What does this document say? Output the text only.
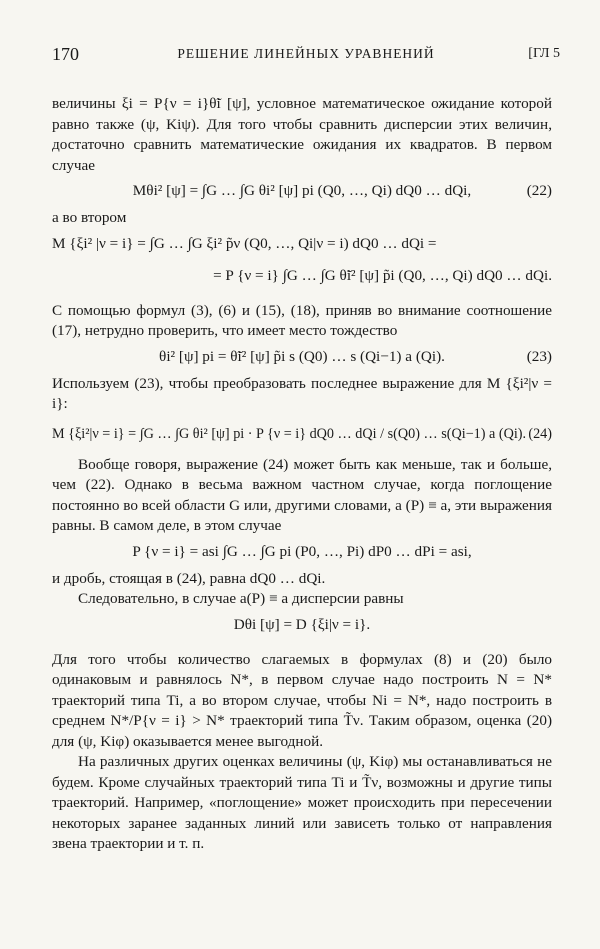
170	РЕШЕНИЕ ЛИНЕЙНЫХ УРАВНЕНИЙ	[ГЛ 5

величины ξi = P{ν = i}θ̃i [ψ], условное математическое ожидание которой равно также (ψ, Kiψ). Для того чтобы сравнить дисперсии этих величин, достаточно сравнить математические ожидания их квадратов. В первом случае

Mθi² [ψ] = ∫G … ∫G θi² [ψ] pi (Q0, …, Qi) dQ0 … dQi,	(22)

а во втором

M {ξi² |ν = i} = ∫G … ∫G ξi² p̃ν (Q0, …, Qi|ν = i) dQ0 … dQi =
= P {ν = i} ∫G … ∫G θ̃i² [ψ] p̃i (Q0, …, Qi) dQ0 … dQi.

С помощью формул (3), (6) и (15), (18), приняв во внимание соотношение (17), нетрудно проверить, что имеет место тождество

θi² [ψ] pi = θ̃i² [ψ] p̃i s (Q0) … s (Qi−1) a (Qi).	(23)

Используем (23), чтобы преобразовать последнее выражение для M {ξi²|ν = i}:

M {ξi²|ν = i} = ∫G … ∫G θi² [ψ] pi · P {ν = i} dQ0 … dQi / s(Q0) … s(Qi−1) a (Qi). (24)

Вообще говоря, выражение (24) может быть как меньше, так и больше, чем (22). Однако в весьма важном частном случае, когда поглощение постоянно во всей области G или, другими словами, a (P) ≡ a, эти выражения равны. В самом деле, в этом случае

P {ν = i} = asi ∫G … ∫G pi (P0, …, Pi) dP0 … dPi = asi,

и дробь, стоящая в (24), равна dQ0 … dQi.

Следовательно, в случае a(P) ≡ a дисперсии равны

Dθi [ψ] = D {ξi|ν = i}.

Для того чтобы количество слагаемых в формулах (8) и (20) было одинаковым и равнялось N*, в первом случае надо построить N = N* траекторий типа Ti, а во втором случае, чтобы Ni = N*, надо построить в среднем N*/P{ν = i} > N* траекторий типа T̃ν. Таким образом, оценка (20) для (ψ, Kiφ) оказывается менее выгодной.

На различных других оценках величины (ψ, Kiφ) мы останавливаться не будем. Кроме случайных траекторий типа Ti и T̃ν, возможны и другие типы траекторий. Например, «поглощение» может происходить при пересечении некоторых заранее заданных линий или зависеть только от направления звена траектории и т. п.
